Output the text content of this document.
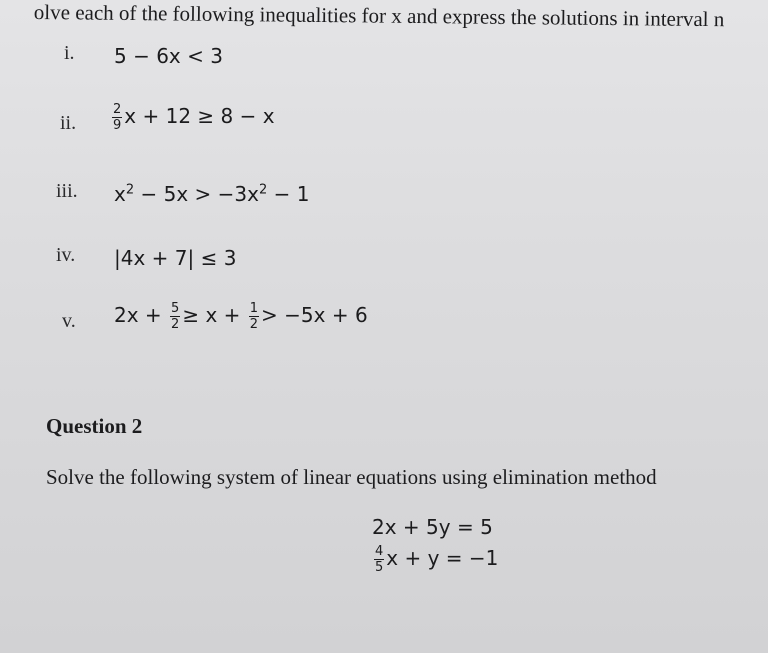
olve each of the following inequalities for x and express the solutions in interval n
i. 5 − 6x < 3
ii.	$\frac{2}{9}$ x + 12 ≥ 8 − x
iii. $x^2 - 5x > -3x^2 - 1$
iv. |4x + 7| ≤ 3
v. $2x + \frac{5}{2} \ge x + \frac{1}{2} > -5x + 6$
Question 2
Solve the following system of linear equations using elimination method
2x + 5y = 5
$\frac{4}{5}$ x + y = −1
